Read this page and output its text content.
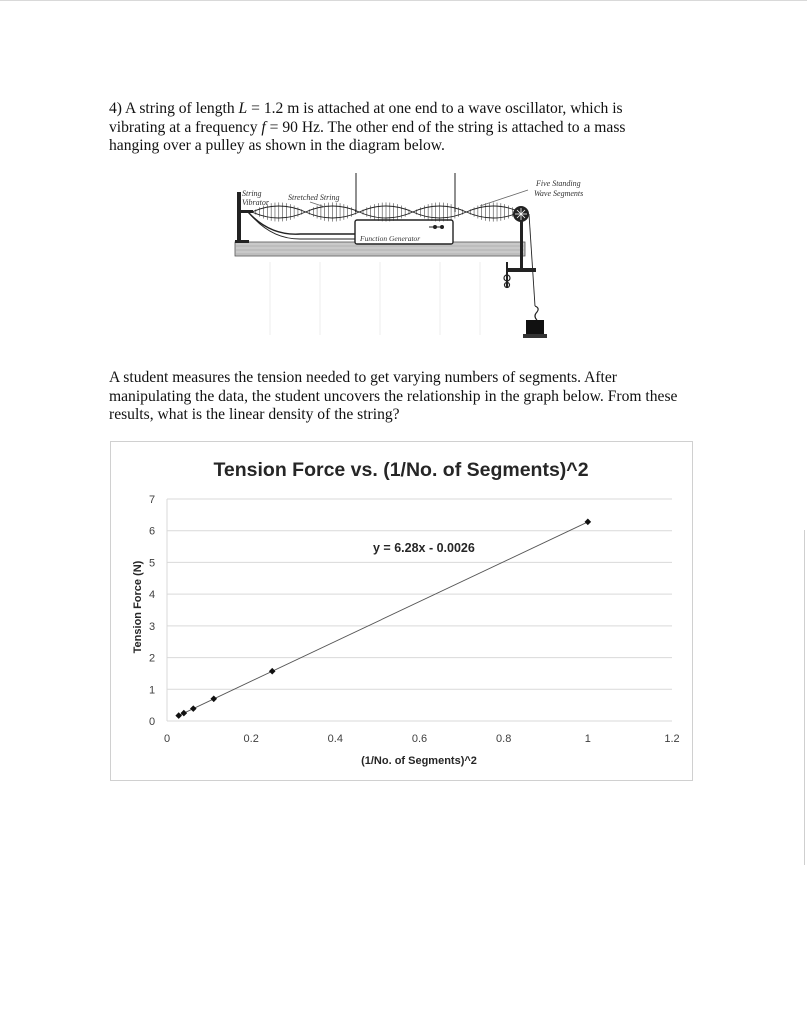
4) A string of length L = 1.2 m is attached at one end to a wave oscillator, which is vibrating at a frequency f = 90 Hz. The other end of the string is attached to a mass hanging over a pulley as shown in the diagram below.

Function Generator
String
Vibrator
Stretched String
Five Standing
Wave Segments

A student measures the tension needed to get varying numbers of segments. After manipulating the data, the student uncovers the relationship in the graph below. From these results, what is the linear density of the string?

Tension Force vs. (1/No. of Segments)^2
0
1
2
3
4
5
6
7
0	0.2	0.4	0.6	0.8	1	1.2
y = 6.28x - 0.0026
(1/No. of Segments)^2
Tension Force (N)
